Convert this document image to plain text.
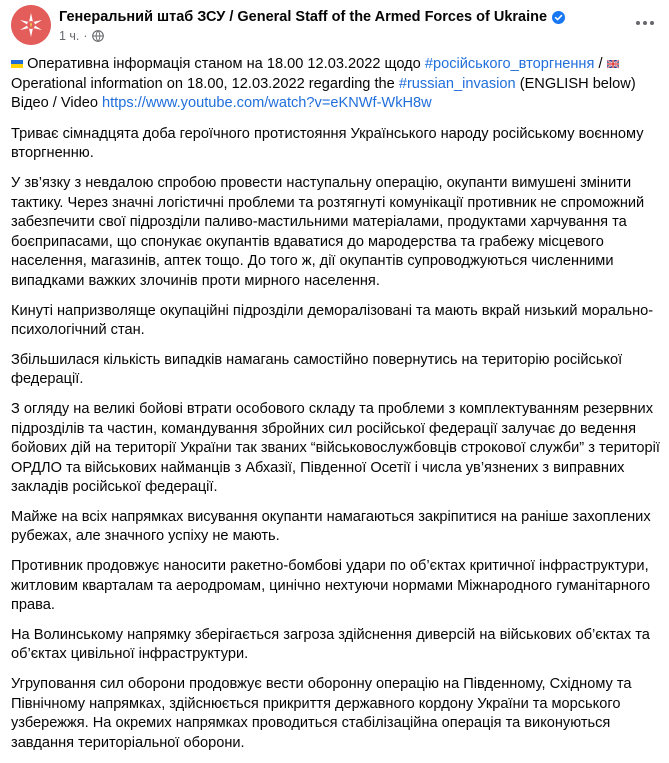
Генеральний штаб ЗСУ / General Staff of the Armed Forces of Ukraine
1 ч. ·

Оперативна інформація станом на 18.00 12.03.2022 щодо #російського_вторгнення /
Operational information on 18.00, 12.03.2022 regarding the #russian_invasion (ENGLISH below)

Відео / Video https://www.youtube.com/watch?v=eKNWf-WkH8w

Триває сімнадцята доба героїчного протистояння Українського народу російському воєнному вторгненню.

У зв’язку з невдалою спробою провести наступальну операцію, окупанти вимушені змінити тактику. Через значні логістичні проблеми та розтягнуті комунікації противник не спроможний забезпечити свої підрозділи паливо-мастильними матеріалами, продуктами харчування та боєприпасами, що спонукає окупантів вдаватися до мародерства та грабежу місцевого населення, магазинів, аптек тощо. До того ж, дії окупантів супроводжуються численними випадками важких злочинів проти мирного населення.

Кинуті напризволяще окупаційні підрозділи деморалізовані та мають вкрай низький морально-психологічний стан.

Збільшилася кількість випадків намагань самостійно повернутись на територію російської федерації.

З огляду на великі бойові втрати особового складу та проблеми з комплектуванням резервних підрозділів та частин, командування збройних сил російської федерації залучає до ведення бойових дій на території України так званих “військовослужбовців строкової служби” з території ОРДЛО та військових найманців з Абхазії, Південної Осетії і числа ув’язнених з виправних закладів російської федерації.

Майже на всіх напрямках висування окупанти намагаються закріпитися на раніше захоплених рубежах, але значного успіху не мають.

Противник продовжує наносити ракетно-бомбові удари по об’єктах критичної інфраструктури, житловим кварталам та аеродромам, цинічно нехтуючи нормами Міжнародного гуманітарного права.

На Волинському напрямку зберігається загроза здійснення диверсій на військових об’єктах та об’єктах цивільної інфраструктури.

Угруповання сил оборони продовжує вести оборонну операцію на Південному, Східному та Північному напрямках, здійснюється прикриття державного кордону України та морського узбережжя. На окремих напрямках проводиться стабілізаційна операція та виконуються завдання територіальної оборони.
